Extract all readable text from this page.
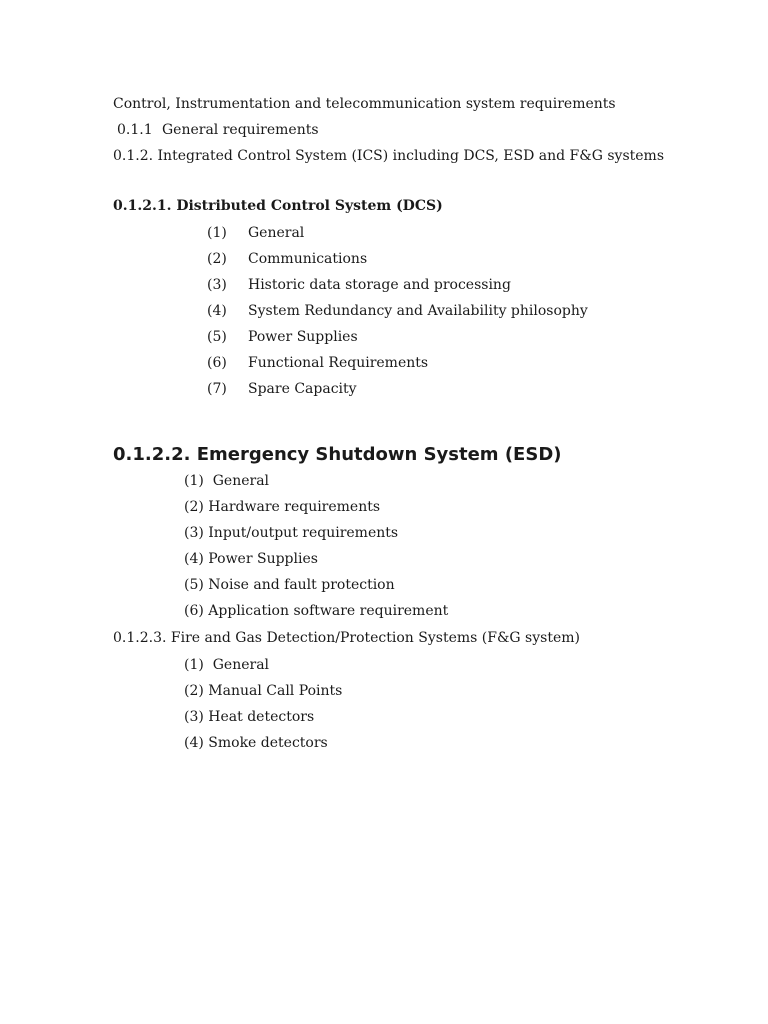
Control, Instrumentation and telecommunication system requirements
0.1.1 General requirements
0.1.2. Integrated Control System (ICS) including DCS, ESD and F&G systems
0.1.2.1. Distributed Control System (DCS)
(1) General
(2) Communications
(3) Historic data storage and processing
(4) System Redundancy and Availability philosophy
(5) Power Supplies
(6) Functional Requirements
(7) Spare Capacity
0.1.2.2. Emergency Shutdown System (ESD)
(1)  General
(2) Hardware requirements
(3) Input/output requirements
(4) Power Supplies
(5) Noise and fault protection
(6) Application software requirement
0.1.2.3. Fire and Gas Detection/Protection Systems (F&G system)
(1)  General
(2) Manual Call Points
(3) Heat detectors
(4) Smoke detectors
